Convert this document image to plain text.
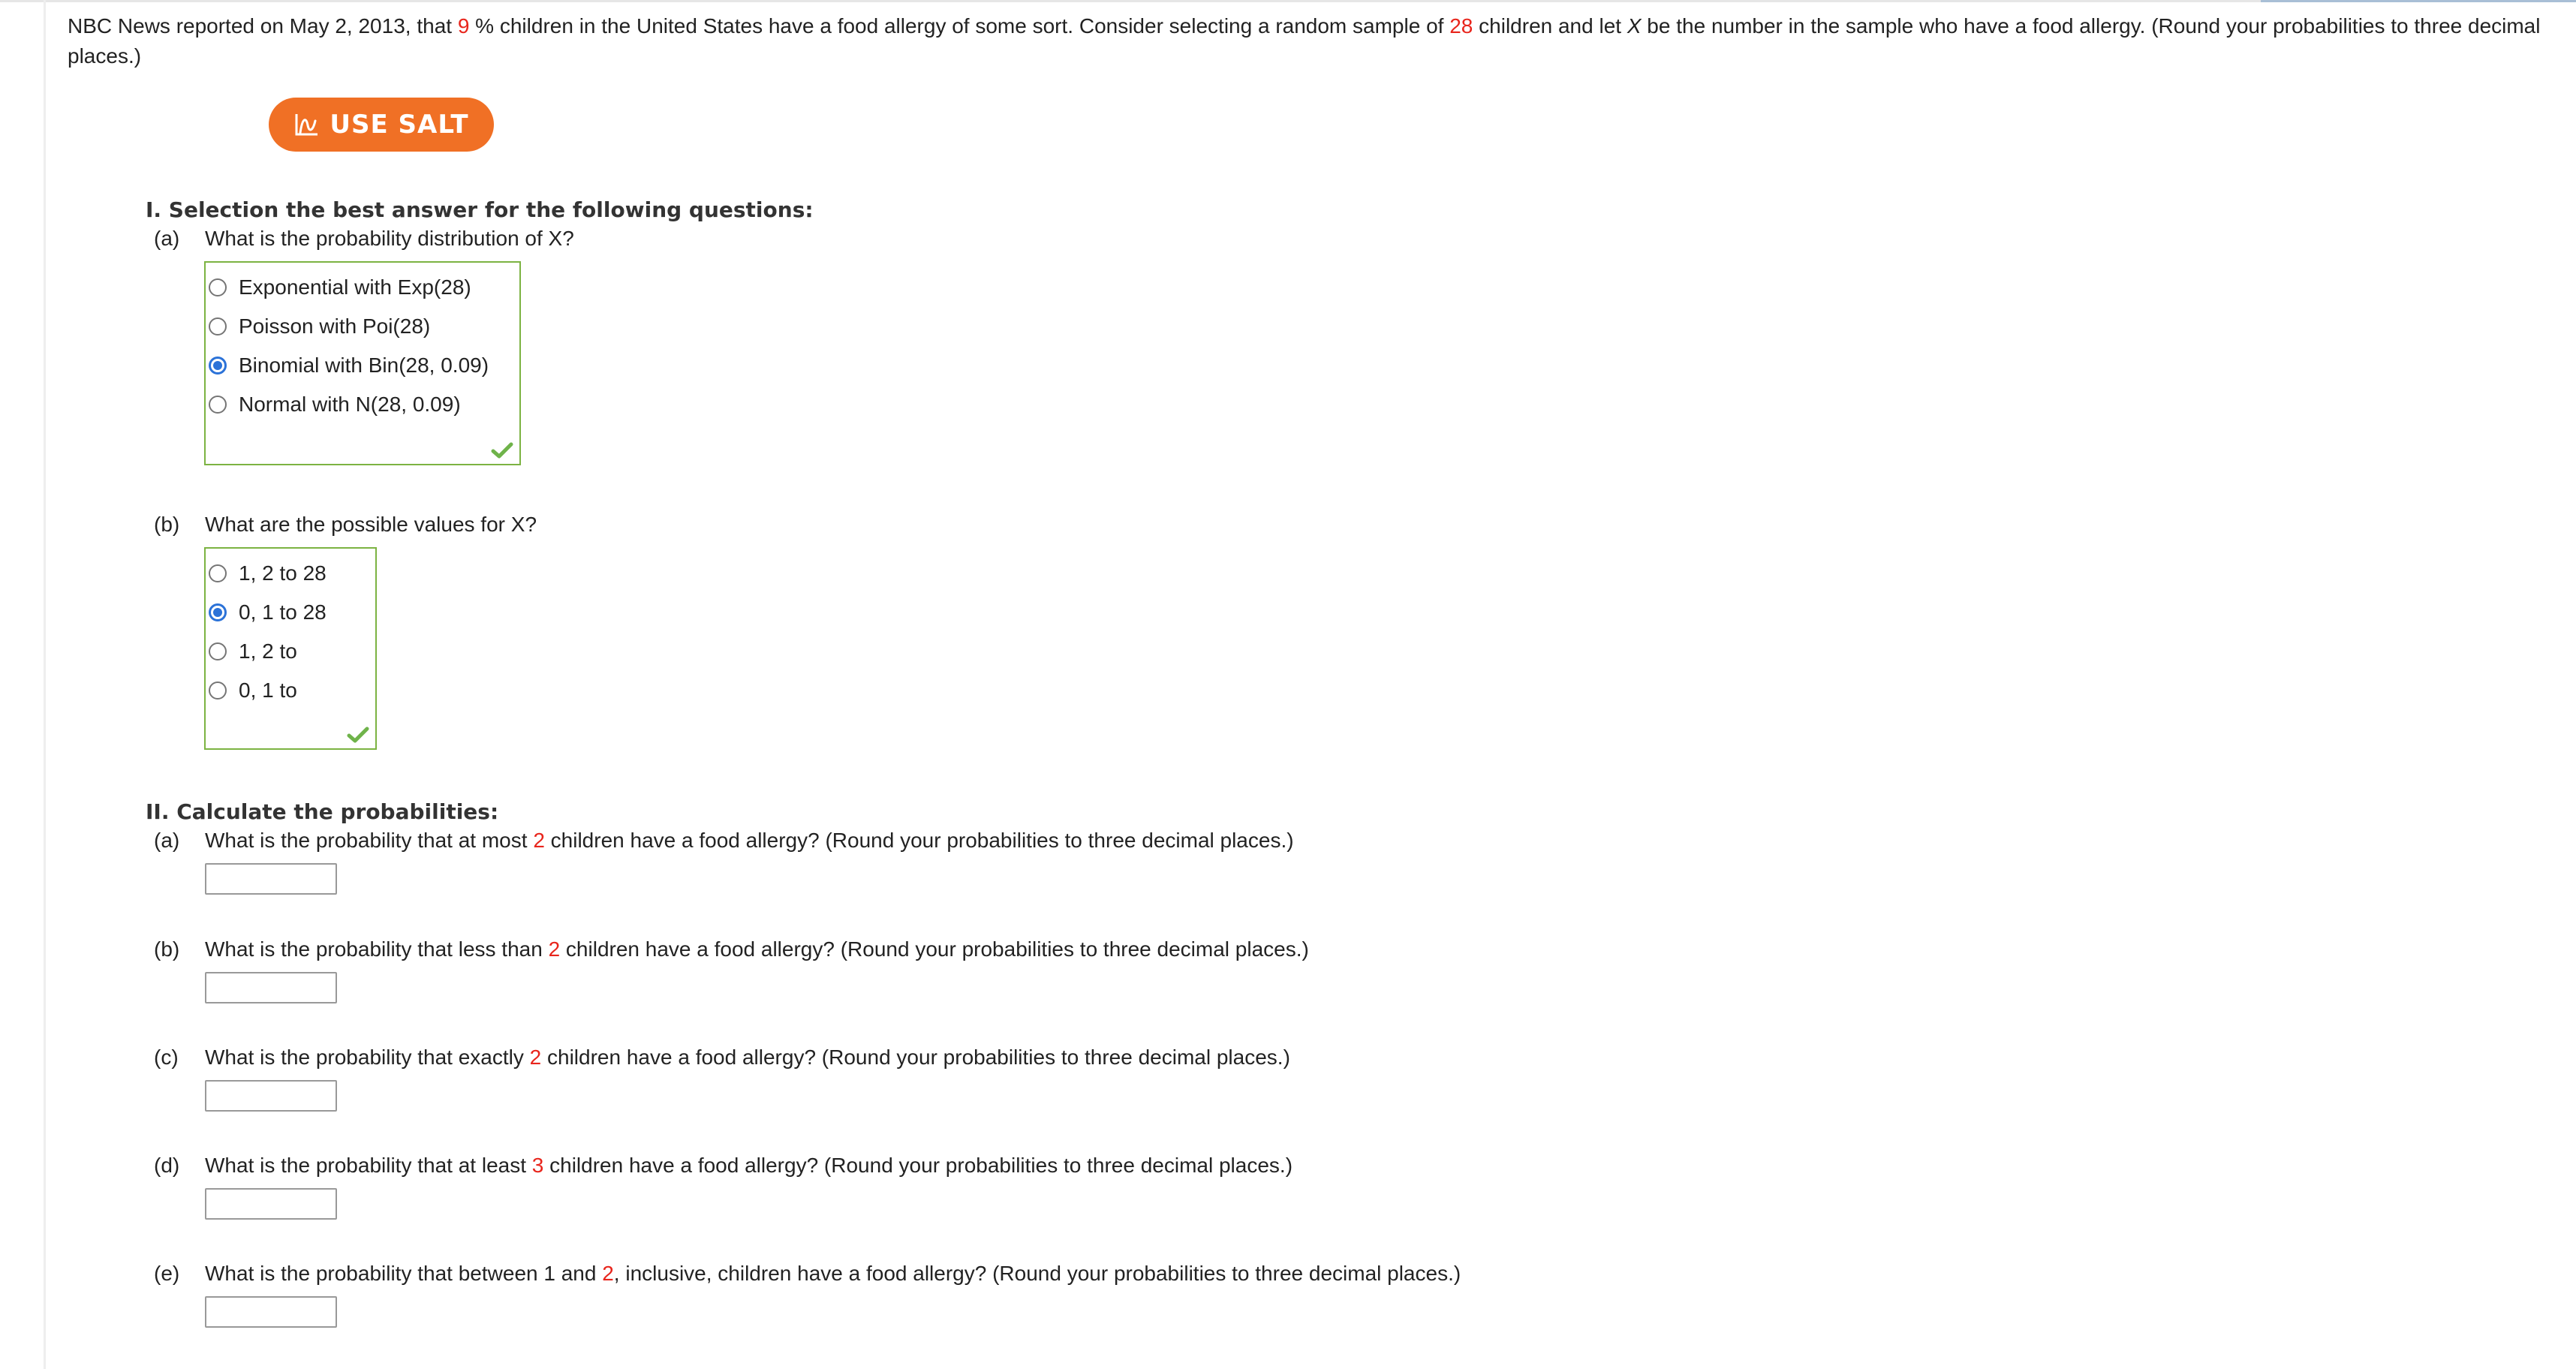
NBC News reported on May 2, 2013, that 9 % children in the United States have a food allergy of some sort. Consider selecting a random sample of 28 children and let X be the number in the sample who have a food allergy. (Round your probabilities to three decimal places.)
USE SALT
I. Selection the best answer for the following questions:
(a)	What is the probability distribution of X?
Exponential with Exp(28)
Poisson with Poi(28)
Binomial with Bin(28, 0.09)
Normal with N(28, 0.09)
(b)	What are the possible values for X?
1, 2 to 28
0, 1 to 28
1, 2 to
0, 1 to
II. Calculate the probabilities:
(a)	What is the probability that at most 2 children have a food allergy? (Round your probabilities to three decimal places.)
(b)	What is the probability that less than 2 children have a food allergy? (Round your probabilities to three decimal places.)
(c)	What is the probability that exactly 2 children have a food allergy? (Round your probabilities to three decimal places.)
(d)	What is the probability that at least 3 children have a food allergy? (Round your probabilities to three decimal places.)
(e)	What is the probability that between 1 and 2, inclusive, children have a food allergy? (Round your probabilities to three decimal places.)
